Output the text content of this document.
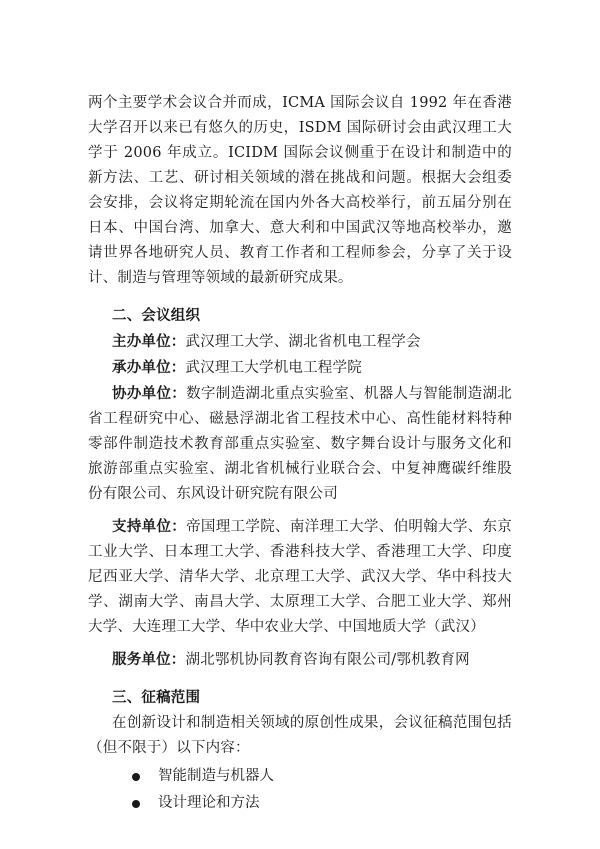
两个主要学术会议合并而成，ICMA 国际会议自 1992 年在香港大学召开以来已有悠久的历史，ISDM 国际研讨会由武汉理工大学于 2006 年成立。ICIDM 国际会议侧重于在设计和制造中的新方法、工艺、研讨相关领域的潜在挑战和问题。根据大会组委会安排，会议将定期轮流在国内外各大高校举行，前五届分别在日本、中国台湾、加拿大、意大利和中国武汉等地高校举办，邀请世界各地研究人员、教育工作者和工程师参会，分享了关于设计、制造与管理等领域的最新研究成果。

二、会议组织

主办单位：武汉理工大学、湖北省机电工程学会

承办单位：武汉理工大学机电工程学院

协办单位：数字制造湖北重点实验室、机器人与智能制造湖北省工程研究中心、磁悬浮湖北省工程技术中心、高性能材料特种零部件制造技术教育部重点实验室、数字舞台设计与服务文化和旅游部重点实验室、湖北省机械行业联合会、中复神鹰碳纤维股份有限公司、东风设计研究院有限公司

支持单位：帝国理工学院、南洋理工大学、伯明翰大学、东京工业大学、日本理工大学、香港科技大学、香港理工大学、印度尼西亚大学、清华大学、北京理工大学、武汉大学、华中科技大学、湖南大学、南昌大学、太原理工大学、合肥工业大学、郑州大学、大连理工大学、华中农业大学、中国地质大学（武汉）

服务单位：湖北鄂机协同教育咨询有限公司/鄂机教育网

三、征稿范围

在创新设计和制造相关领域的原创性成果，会议征稿范围包括（但不限于）以下内容：

智能制造与机器人
设计理论和方法
